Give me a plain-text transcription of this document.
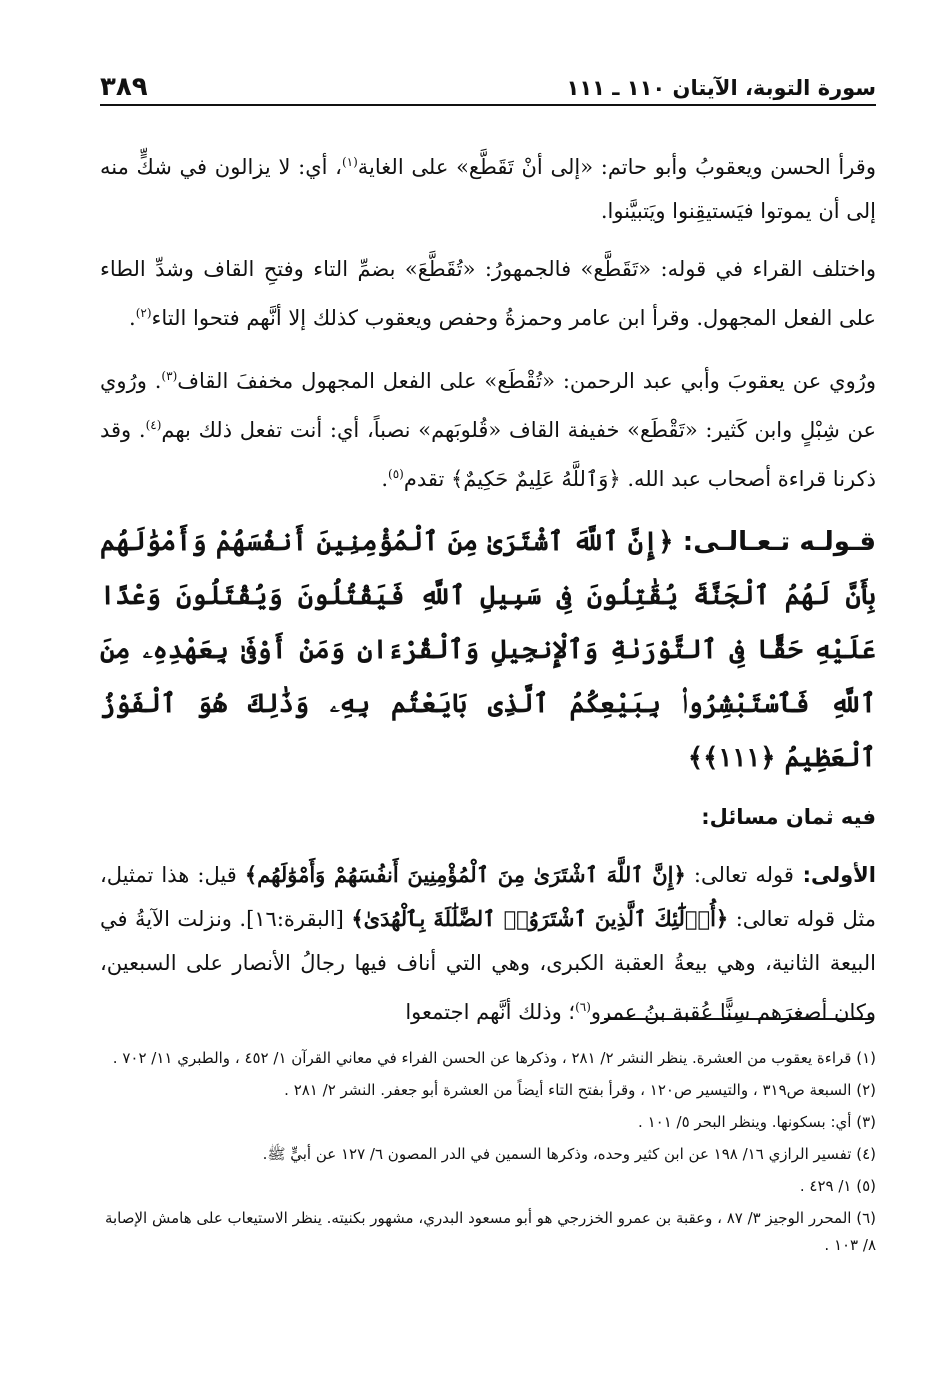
سورة التوبة، الآيتان ١١٠ ـ ١١١
٣٨٩

وقرأ الحسن ويعقوبُ وأبو حاتم: «إلى أنْ تَقَطَّع» على الغاية$^{(١)}$، أي: لا يزالون في شكٍّ منه إلى أن يموتوا فيَستيقِنوا ويَتبيَّنوا.

واختلف القراء في قوله: «تَقَطَّع» فالجمهورُ: «تُقَطَّعَ» بضمِّ التاء وفتحِ القاف وشدِّ الطاء على الفعل المجهول. وقرأ ابن عامر وحمزةُ وحفص ويعقوب كذلك إلا أنَّهم فتحوا التاء$^{(٢)}$.

ورُوي عن يعقوبَ وأبي عبد الرحمن: «تُقْطَع» على الفعل المجهول مخففَ القاف$^{(٣)}$. ورُوي عن شِبْلٍ وابن كَثير: «تَقْطَع» خفيفة القاف «قُلوبَهم» نصباً، أي: أنت تفعل ذلك بهم$^{(٤)}$. وقد ذكرنا قراءة أصحاب عبد الله. ﴿وَٱللَّهُ عَلِيمٌ حَكِيمٌ﴾ تقدم$^{(٥)}$.

قـولـه تـعـالـى: ﴿إِنَّ ٱللَّهَ ٱشْتَرَىٰ مِنَ ٱلْمُؤْمِنِينَ أَنفُسَهُمْ وَأَمْوَٰلَهُم بِأَنَّ لَهُمُ ٱلْجَنَّةَ يُقَٰتِلُونَ فِى سَبِيلِ ٱللَّهِ فَيَقْتُلُونَ وَيُقْتَلُونَ وَعْدًا عَلَيْهِ حَقًّا فِى ٱلتَّوْرَىٰةِ وَٱلْإِنجِيلِ وَٱلْقُرْءَانِ وَمَنْ أَوْفَىٰ بِعَهْدِهِۦ مِنَ ٱللَّهِ فَٱسْتَبْشِرُوا۟ بِبَيْعِكُمُ ٱلَّذِى بَايَعْتُم بِهِۦ وَذَٰلِكَ هُوَ ٱلْفَوْزُ ٱلْعَظِيمُ ﴿١١١﴾﴾

فيه ثمان مسائل:

الأولى: قوله تعالى: ﴿إِنَّ ٱللَّهَ ٱشْتَرَىٰ مِنَ ٱلْمُؤْمِنِينَ أَنفُسَهُمْ وَأَمْوَٰلَهُم﴾ قيل: هذا تمثيل، مثل قوله تعالى: ﴿أُو۟لَٰٓئِكَ ٱلَّذِينَ ٱشْتَرَوُا۟ ٱلضَّلَٰلَةَ بِٱلْهُدَىٰ﴾ [البقرة:١٦]. ونزلت الآيةُ في البيعة الثانية، وهي بيعةُ العقبة الكبرى، وهي التي أناف فيها رجالُ الأنصار على السبعين، وكان أصغرَهم سِنًّا عُقبة بنُ عمرو$^{(٦)}$؛ وذلك أنَّهم اجتمعوا

(١) قراءة يعقوب من العشرة. ينظر النشر ٢/ ٢٨١ ، وذكرها عن الحسن الفراء في معاني القرآن ١/ ٤٥٢ ، والطبري ١١/ ٧٠٢ .

(٢) السبعة ص٣١٩ ، والتيسير ص١٢٠ ، وقرأ بفتح التاء أيضاً من العشرة أبو جعفر. النشر ٢/ ٢٨١ .

(٣) أي: بسكونها. وينظر البحر ٥/ ١٠١ .

(٤) تفسير الرازي ١٦/ ١٩٨ عن ابن كثير وحده، وذكرها السمين في الدر المصون ٦/ ١٢٧ عن أبيٍّ ﷺ.

(٥) ١/ ٤٢٩ .

(٦) المحرر الوجيز ٣/ ٨٧ ، وعقبة بن عمرو الخزرجي هو أبو مسعود البدري، مشهور بكنيته. ينظر الاستيعاب على هامش الإصابة ٨/ ١٠٣ .
